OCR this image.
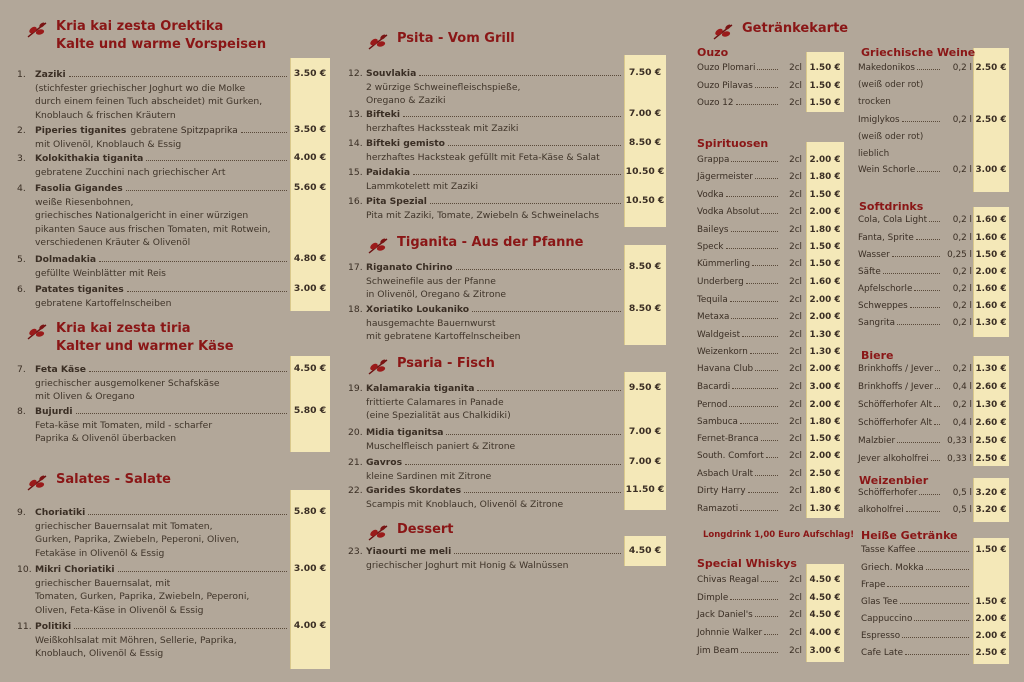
Kria kai zesta Orektika
Kalte und warme Vorspeisen
1.	Zaziki
(stichfester griechischer Joghurt wo die Molke
durch einem feinen Tuch abscheidet) mit Gurken,
Knoblauch & frischen Kräutern
3.50 €
2.	Piperies tiganites gebratene Spitzpaprika
mit Olivenöl, Knoblauch & Essig
3.50 €
3.	Kolokithakia tiganita
gebratene Zucchini nach griechischer Art
4.00 €
4.	Fasolia Gigandes
weiße Riesenbohnen,
griechisches Nationalgericht in einer würzigen
pikanten Sauce aus frischen Tomaten, mit Rotwein,
verschiedenen Kräuter & Olivenöl
5.60 €
5.	Dolmadakia
gefüllte Weinblätter mit Reis
4.80 €
6.	Patates tiganites
gebratene Kartoffelnscheiben
3.00 €
Kria kai zesta tiria
Kalter und warmer Käse
7.	Feta Käse
griechischer ausgemolkener Schafskäse
mit Oliven & Oregano
4.50 €
8.	Bujurdi
Feta-käse mit Tomaten, mild - scharfer
Paprika & Olivenöl überbacken
5.80 €
Salates - Salate
9.	Choriatiki
griechischer Bauernsalat mit Tomaten,
Gurken, Paprika, Zwiebeln, Peperoni, Oliven,
Fetakäse in Olivenöl & Essig
5.80 €
10. Mikri Choriatiki
griechischer Bauernsalat, mit
Tomaten, Gurken, Paprika, Zwiebeln, Peperoni,
Oliven, Feta-Käse in Olivenöl & Essig
3.00 €
11. Politiki
Weißkohlsalat mit Möhren, Sellerie, Paprika,
Knoblauch, Olivenöl & Essig
4.00 €
Psita - Vom Grill
12. Souvlakia
2 würzige Schweinefleischspieße,
Oregano & Zaziki
7.50 €
13. Bifteki
herzhaftes Hackssteak mit Zaziki
7.00 €
14. Bifteki gemisto
herzhaftes Hacksteak gefüllt mit Feta-Käse & Salat
8.50 €
15. Paidakia
Lammkotelett mit Zaziki
10.50 €
16. Pita Spezial
Pita mit Zaziki, Tomate, Zwiebeln & Schweinelachs
10.50 €
Tiganita - Aus der Pfanne
17. Riganato Chirino
Schweinefile aus der Pfanne
in Olivenöl, Oregano & Zitrone
8.50 €
18. Xoriatiko Loukaniko
hausgemachte Bauernwurst
mit gebratene Kartoffelnscheiben
8.50 €
Psaria - Fisch
19. Kalamarakia tiganita
frittierte Calamares in Panade
(eine Spezialität aus Chalkidiki)
9.50 €
20. Midia tiganitsa
Muschelfleisch paniert & Zitrone
7.00 €
21. Gavros
kleine Sardinen mit Zitrone
7.00 €
22. Garides Skordates
Scampis mit Knoblauch, Olivenöl & Zitrone
11.50 €
Dessert
23. Yiaourti me meli
griechischer Joghurt mit Honig & Walnüssen
4.50 €
Getränkekarte
Ouzo
Ouzo Plomari	2cl 1.50 €
Ouzo Pilavas	2cl 1.50 €
Ouzo 12	2cl 1.50 €
Spirituosen
Grappa	2cl 2.00 €
Jägermeister	2cl 1.80 €
Vodka	2cl 1.50 €
Vodka Absolut	2cl 2.00 €
Baileys	2cl 1.80 €
Speck	2cl 1.50 €
Kümmerling	2cl 1.50 €
Underberg	2cl 1.60 €
Tequila	2cl 2.00 €
Metaxa	2cl 2.00 €
Waldgeist	2cl 1.30 €
Weizenkorn	2cl 1.30 €
Havana Club	2cl 2.00 €
Bacardi	2cl 3.00 €
Pernod	2cl 2.00 €
Sambuca	2cl 1.80 €
Fernet-Branca	2cl 1.50 €
South. Comfort	2cl 2.00 €
Asbach Uralt	2cl 2.50 €
Dirty Harry	2cl 1.80 €
Ramazoti	2cl 1.30 €
Longdrink 1,00 Euro Aufschlag!
Special Whiskys
Chivas Reagal	2cl 4.50 €
Dimple	2cl 4.50 €
Jack Daniel's	2cl 4.50 €
Johnnie Walker	2cl 4.00 €
Jim Beam	2cl 3.00 €
Griechische Weine
Makedonikos	0,2 l 2.50 €
(weiß oder rot)
trocken
Imiglykos	0,2 l 2.50 €
(weiß oder rot)
lieblich
Wein Schorle	0,2 l 3.00 €
Softdrinks
Cola, Cola Light	0,2 l 1.60 €
Fanta, Sprite	0,2 l 1.60 €
Wasser	0,25 l 1.50 €
Säfte	0,2 l 2.00 €
Apfelschorle	0,2 l 1.60 €
Schweppes	0,2 l 1.60 €
Sangrita	0,2 l 1.30 €
Biere
Brinkhoffs / Jever	0,2 l 1.30 €
Brinkhoffs / Jever	0,4 l 2.60 €
Schöfferhofer Alt	0,2 l 1.30 €
Schöfferhofer Alt	0,4 l 2.60 €
Malzbier	0,33 l 2.50 €
Jever alkoholfrei	0,33 l 2.50 €
Weizenbier
Schöfferhofer	0,5 l 3.20 €
alkoholfrei	0,5 l 3.20 €
Heiße Getränke
Tasse Kaffee	1.50 €
Griech. Mokka
Frape
Glas Tee	1.50 €
Cappuccino	2.00 €
Espresso	2.00 €
Cafe Late	2.50 €
